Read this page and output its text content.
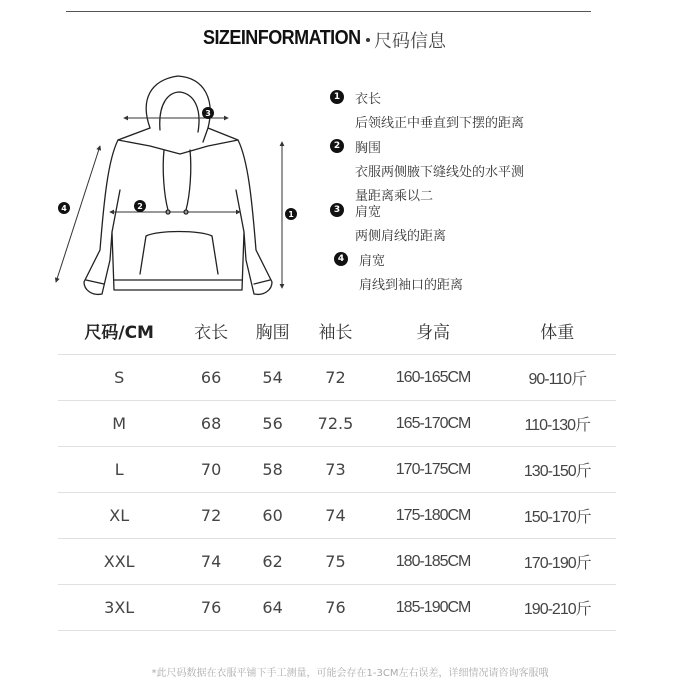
SIZEINFORMATION 尺码信息
1
2
3
4
1 衣长
后领线正中垂直到下摆的距离
2 胸围
衣服两侧腋下缝线处的水平测
量距离乘以二
3 肩宽
两侧肩线的距离
4 肩宽
肩线到袖口的距离
尺码/CM	衣长	胸围	袖长	身高	体重
S	66	54	72	160-165CM	90-110斤
M	68	56	72.5	165-170CM	110-130斤
L	70	58	73	170-175CM	130-150斤
XL	72	60	74	175-180CM	150-170斤
XXL	74	62	75	180-185CM	170-190斤
3XL	76	64	76	185-190CM	190-210斤
*此尺码数据在衣服平铺下手工测量，可能会存在1-3CM左右误差，详细情况请咨询客服哦
